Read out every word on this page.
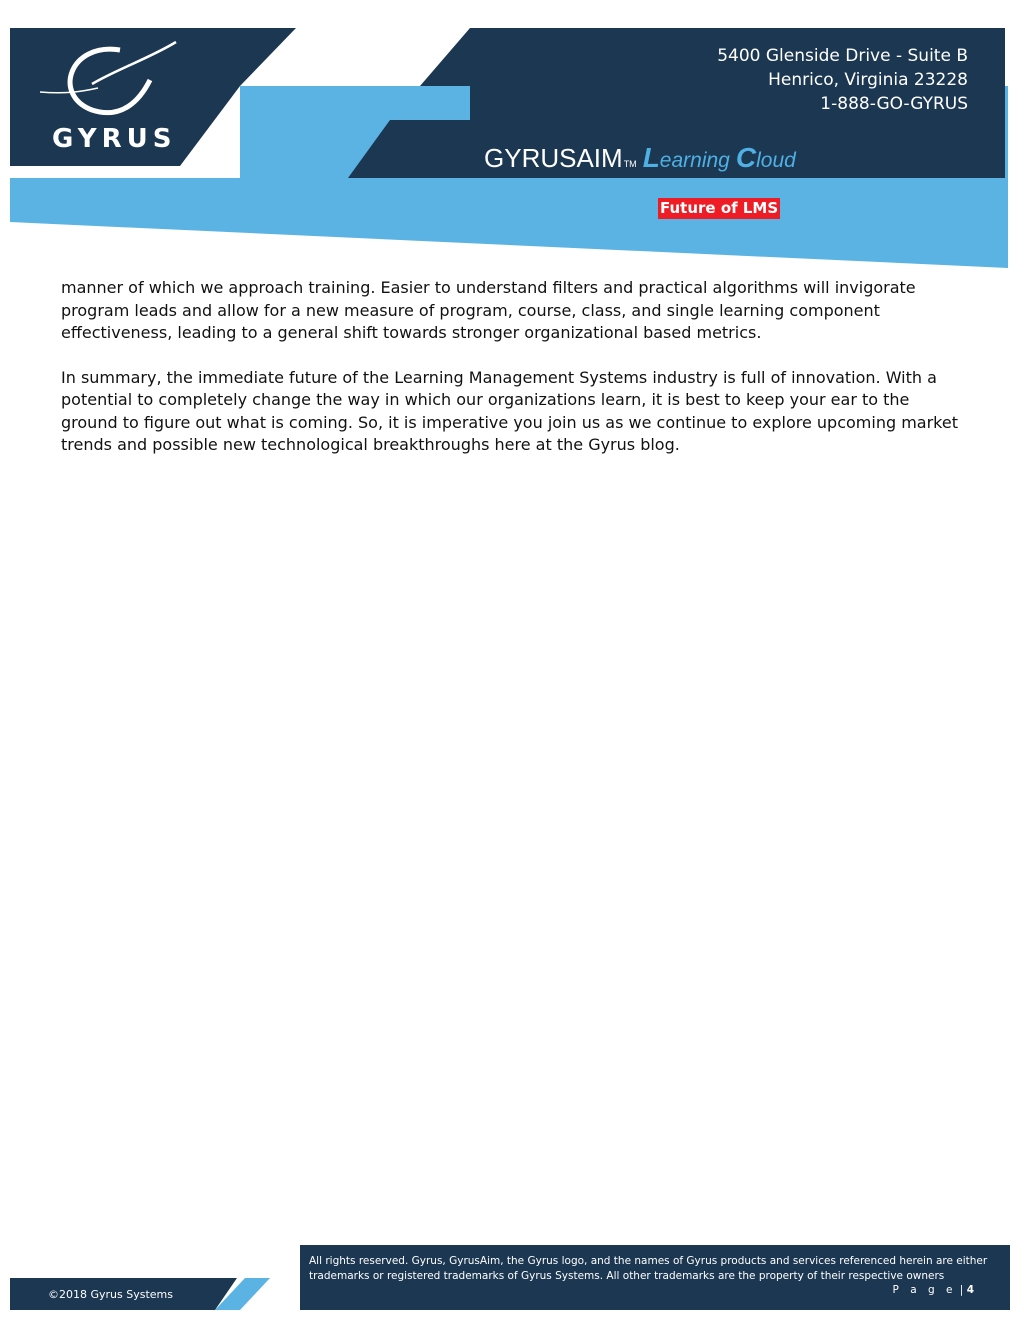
GYRUS
5400 Glenside Drive - Suite B
Henrico, Virginia 23228
1-888-GO-GYRUS
GYRUSAIMTM Learning Cloud
Future of LMS

manner of which we approach training. Easier to understand filters and practical algorithms will invigorate program leads and allow for a new measure of program, course, class, and single learning component effectiveness, leading to a general shift towards stronger organizational based metrics.

In summary, the immediate future of the Learning Management Systems industry is full of innovation. With a potential to completely change the way in which our organizations learn, it is best to keep your ear to the ground to figure out what is coming. So, it is imperative you join us as we continue to explore upcoming market trends and possible new technological breakthroughs here at the Gyrus blog.

©2018 Gyrus Systems
All rights reserved. Gyrus, GyrusAim, the Gyrus logo, and the names of Gyrus products and services referenced herein are either trademarks or registered trademarks of Gyrus Systems. All other trademarks are the property of their respective owners
P a g e | 4
